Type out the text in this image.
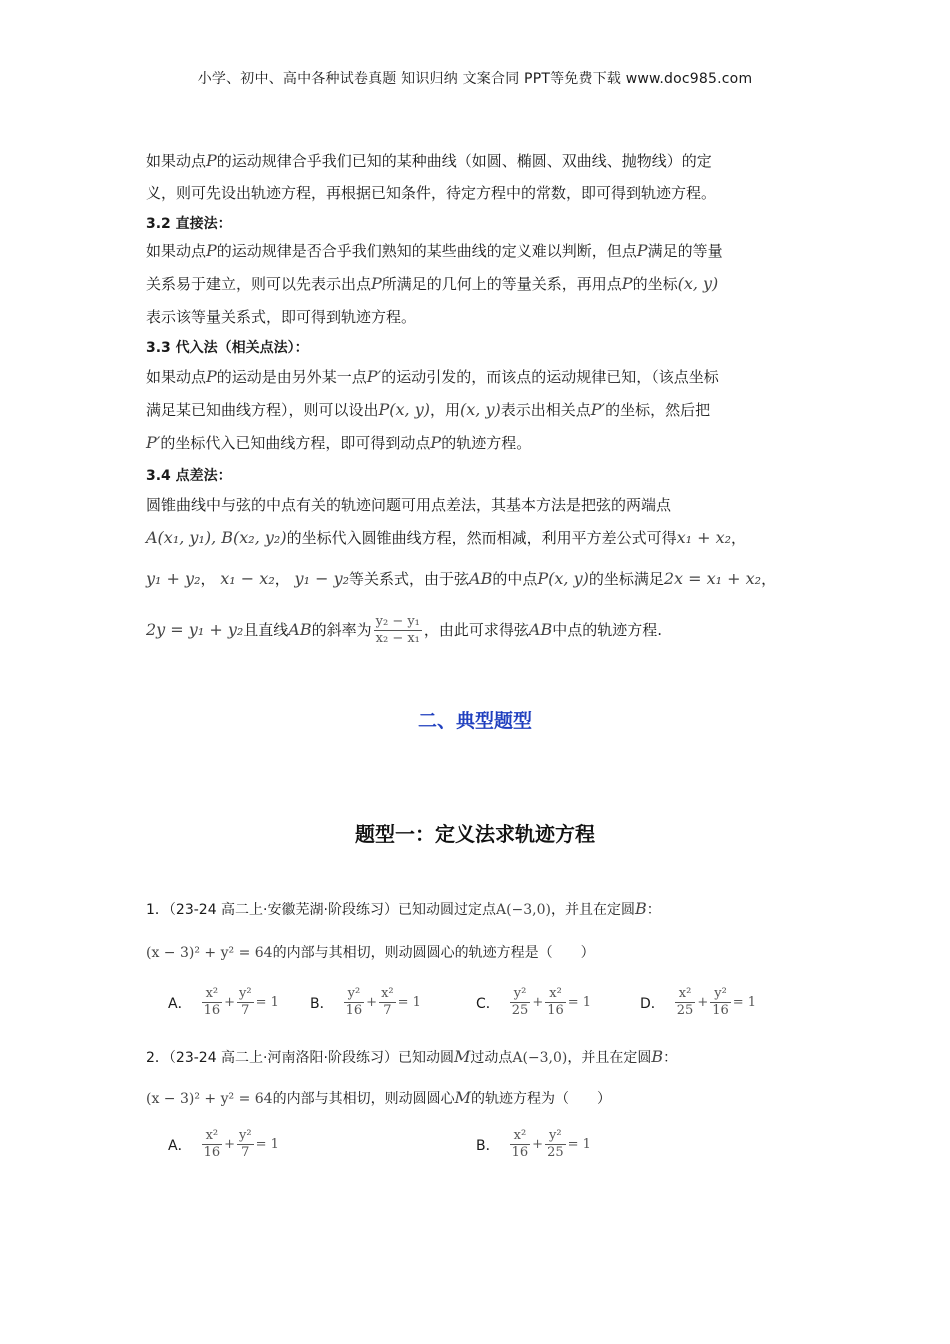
小学、初中、高中各种试卷真题 知识归纳 文案合同 PPT等免费下载 www.doc985.com
如果动点P的运动规律合乎我们已知的某种曲线（如圆、椭圆、双曲线、抛物线）的定
义，则可先设出轨迹方程，再根据已知条件，待定方程中的常数，即可得到轨迹方程。
3.2 直接法：
如果动点P的运动规律是否合乎我们熟知的某些曲线的定义难以判断，但点P满足的等量
关系易于建立，则可以先表示出点P所满足的几何上的等量关系，再用点P的坐标(x, y)
表示该等量关系式，即可得到轨迹方程。
3.3 代入法（相关点法）：
如果动点P的运动是由另外某一点P′的运动引发的，而该点的运动规律已知，（该点坐标
满足某已知曲线方程），则可以设出P(x, y)，用(x, y)表示出相关点P′的坐标，然后把
P′的坐标代入已知曲线方程，即可得到动点P的轨迹方程。
3.4 点差法：
圆锥曲线中与弦的中点有关的轨迹问题可用点差法，其基本方法是把弦的两端点
A(x₁, y₁), B(x₂, y₂)的坐标代入圆锥曲线方程，然而相减，利用平方差公式可得x₁ + x₂，
y₁ + y₂， x₁ − x₂， y₁ − y₂等关系式，由于弦AB的中点P(x, y)的坐标满足2x = x₁ + x₂，
2y = y₁ + y₂且直线AB的斜率为 $\frac{\text{y₂ − y₁}}{\text{x₂ − x₁}}$ ，由此可求得弦AB中点的轨迹方程.
二、典型题型
题型一：定义法求轨迹方程
1．（23-24 高二上·安徽芜湖·阶段练习）已知动圆过定点A(−3,0)，并且在定圆B：
(x − 3)² + y² = 64的内部与其相切，则动圆圆心的轨迹方程是（　　）
A． $\frac{\text{x²}}{16} + \frac{\text{y²}}{7} = 1$ B． $\frac{\text{y²}}{16} + \frac{\text{x²}}{7} = 1$	C． $\frac{\text{y²}}{25} + \frac{\text{x²}}{16} = 1$	D． $\frac{\text{x²}}{25} + \frac{\text{y²}}{16} = 1$
2．（23-24 高二上·河南洛阳·阶段练习）已知动圆M过动点A(−3,0)，并且在定圆B：
(x − 3)² + y² = 64的内部与其相切，则动圆圆心M的轨迹方程为（　　）
A． $\frac{\text{x²}}{16} + \frac{\text{y²}}{7} = 1$	B． $\frac{\text{x²}}{16} + \frac{\text{y²}}{25} = 1$
